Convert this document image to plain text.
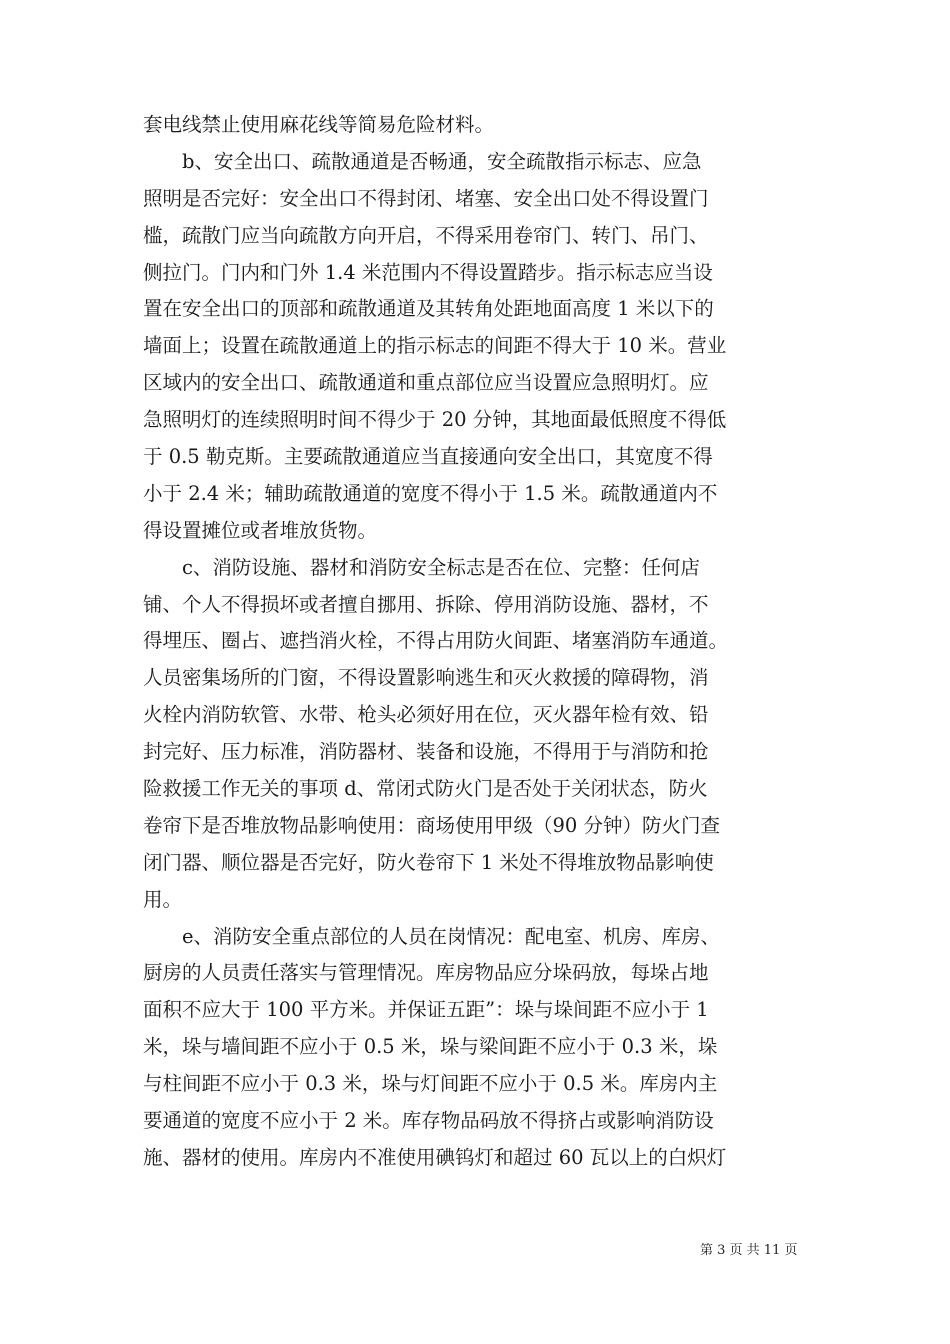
套电线禁止使用麻花线等简易危险材料。
　　b、安全出口、疏散通道是否畅通，安全疏散指示标志、应急
照明是否完好：安全出口不得封闭、堵塞、安全出口处不得设置门
槛，疏散门应当向疏散方向开启，不得采用卷帘门、转门、吊门、
侧拉门。门内和门外 1.4 米范围内不得设置踏步。指示标志应当设
置在安全出口的顶部和疏散通道及其转角处距地面高度 1 米以下的
墙面上；设置在疏散通道上的指示标志的间距不得大于 10 米。营业
区域内的安全出口、疏散通道和重点部位应当设置应急照明灯。应
急照明灯的连续照明时间不得少于 20 分钟，其地面最低照度不得低
于 0.5 勒克斯。主要疏散通道应当直接通向安全出口，其宽度不得
小于 2.4 米；辅助疏散通道的宽度不得小于 1.5 米。疏散通道内不
得设置摊位或者堆放货物。
　　c、消防设施、器材和消防安全标志是否在位、完整：任何店
铺、个人不得损坏或者擅自挪用、拆除、停用消防设施、器材，不
得埋压、圈占、遮挡消火栓，不得占用防火间距、堵塞消防车通道。
人员密集场所的门窗，不得设置影响逃生和灭火救援的障碍物，消
火栓内消防软管、水带、枪头必须好用在位，灭火器年检有效、铅
封完好、压力标准，消防器材、装备和设施，不得用于与消防和抢
险救援工作无关的事项 d、常闭式防火门是否处于关闭状态，防火
卷帘下是否堆放物品影响使用：商场使用甲级（90 分钟）防火门查
闭门器、顺位器是否完好，防火卷帘下 1 米处不得堆放物品影响使
用。
　　e、消防安全重点部位的人员在岗情况：配电室、机房、库房、
厨房的人员责任落实与管理情况。库房物品应分垛码放，每垛占地
面积不应大于 100 平方米。并保证五距”：垛与垛间距不应小于 1
米，垛与墙间距不应小于 0.5 米，垛与梁间距不应小于 0.3 米，垛
与柱间距不应小于 0.3 米，垛与灯间距不应小于 0.5 米。库房内主
要通道的宽度不应小于 2 米。库存物品码放不得挤占或影响消防设
施、器材的使用。库房内不准使用碘钨灯和超过 60 瓦以上的白炽灯
第 3 页 共 11 页
